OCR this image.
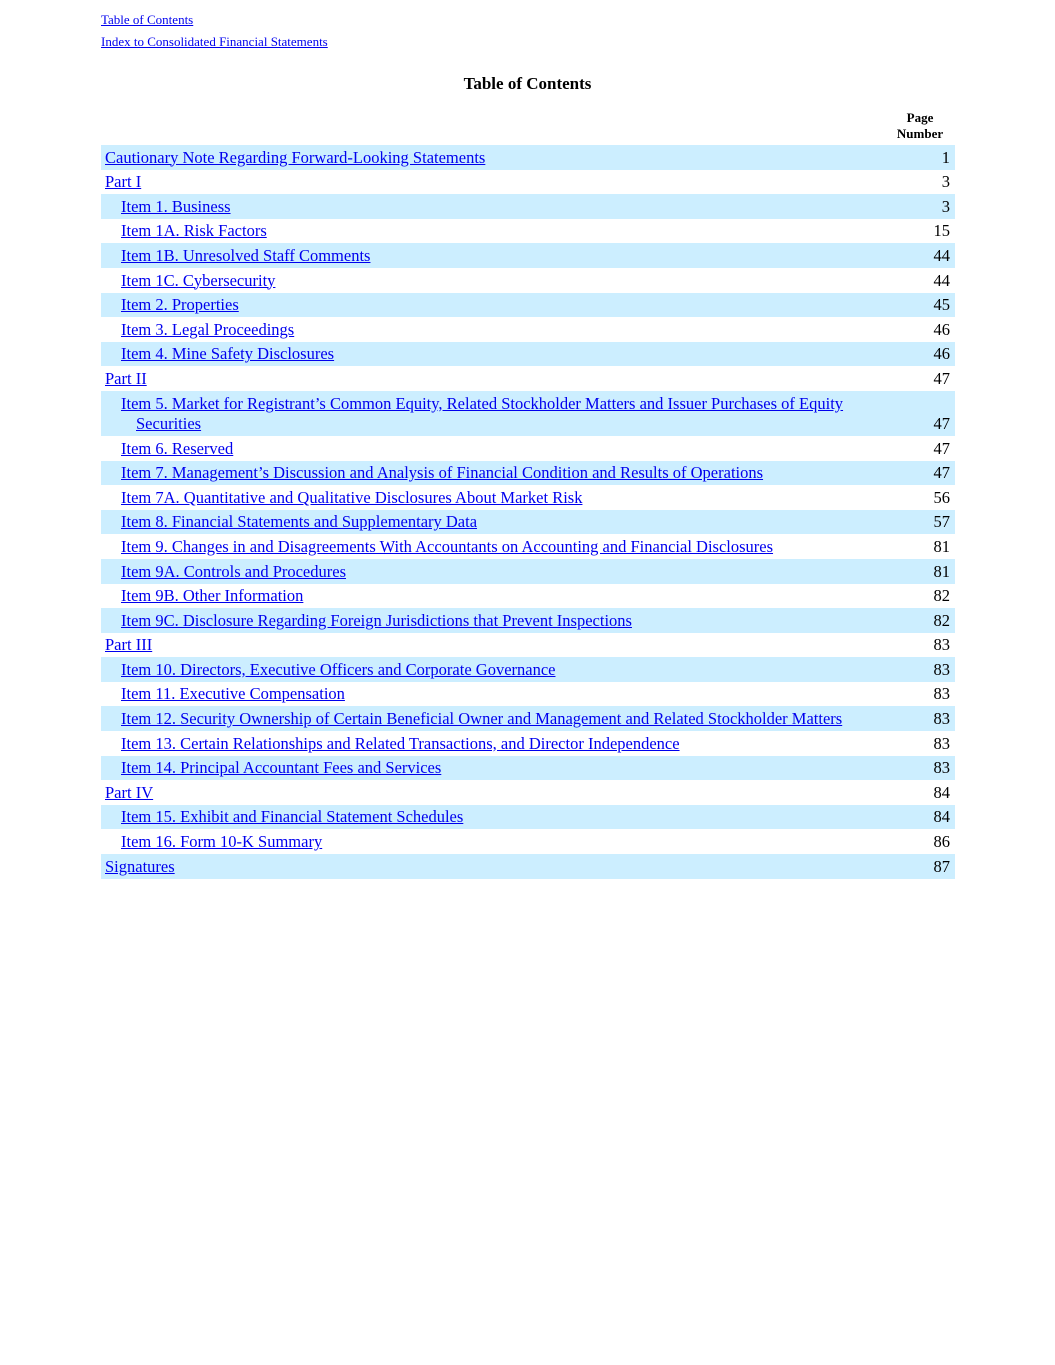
Table of Contents
Index to Consolidated Financial Statements
Table of Contents
Page
Number
Cautionary Note Regarding Forward-Looking Statements	1
Part I	3
Item 1. Business	3
Item 1A. Risk Factors	15
Item 1B. Unresolved Staff Comments	44
Item 1C. Cybersecurity	44
Item 2. Properties	45
Item 3. Legal Proceedings	46
Item 4. Mine Safety Disclosures	46
Part II	47
Item 5. Market for Registrant’s Common Equity, Related Stockholder Matters and Issuer Purchases of Equity Securities	47
Item 6. Reserved	47
Item 7. Management’s Discussion and Analysis of Financial Condition and Results of Operations	47
Item 7A. Quantitative and Qualitative Disclosures About Market Risk	56
Item 8. Financial Statements and Supplementary Data	57
Item 9. Changes in and Disagreements With Accountants on Accounting and Financial Disclosures	81
Item 9A. Controls and Procedures	81
Item 9B. Other Information	82
Item 9C. Disclosure Regarding Foreign Jurisdictions that Prevent Inspections	82
Part III	83
Item 10. Directors, Executive Officers and Corporate Governance	83
Item 11. Executive Compensation	83
Item 12. Security Ownership of Certain Beneficial Owner and Management and Related Stockholder Matters	83
Item 13. Certain Relationships and Related Transactions, and Director Independence	83
Item 14. Principal Accountant Fees and Services	83
Part IV	84
Item 15. Exhibit and Financial Statement Schedules	84
Item 16. Form 10-K Summary	86
Signatures	87
